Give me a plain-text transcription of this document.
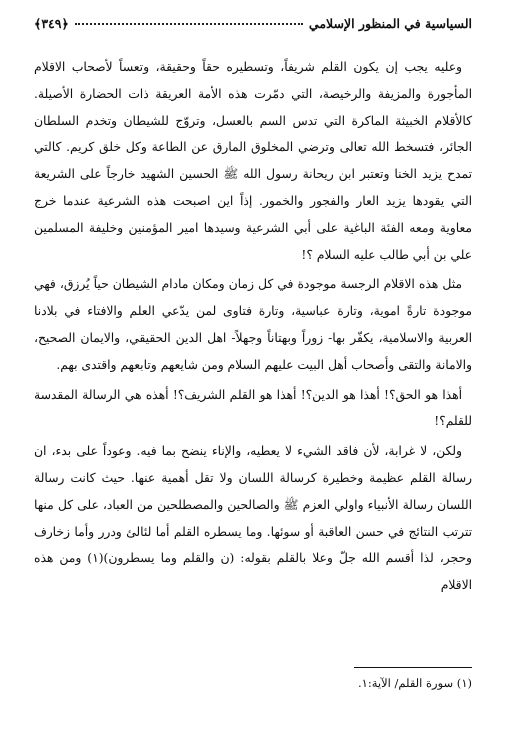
السياسية في المنظور الإسلامي
﴿٣٤٩﴾

وعليه يجب إن يكون القلم شريفاً، وتسطيره حقاً وحقيقة، وتعساً لأصحاب الاقلام المأجورة والمزيفة والرخيصة، التي دمّرت هذه الأمة العريقة ذات الحضارة الأصيلة. كالأقلام الخبيثة الماكرة التي تدس السم بالعسل، وتروّج للشيطان وتخدم السلطان الجائر، فتسخط الله تعالى وترضي المخلوق المارق عن الطاعة وكل خلق كريم. كالتي تمدح يزيد الخنا وتعتبر ابن ريحانة رسول الله ﷺ الحسين الشهيد خارجاً على الشريعة التي يقودها يزيد العار والفجور والخمور. إذاً اين اصبحت هذه الشرعية عندما خرج معاوية ومعه الفئة الباغية على أبي الشرعية وسيدها امير المؤمنين وخليفة المسلمين علي بن أبي طالب عليه السلام ؟!

مثل هذه الاقلام الرجسة موجودة في كل زمان ومكان مادام الشيطان حياً يُرزق، فهي موجودة تارةً اموية، وتارة عباسية، وتارة فتاوى لمن يدّعي العلم والافتاء في بلادنا العربية والاسلامية، يكفّر بها- زوراً وبهتاناً وجهلاً- اهل الدين الحقيقي، والايمان الصحيح، والامانة والتقى وأصحاب أهل البيت عليهم السلام ومن شايعهم وتابعهم واقتدى بهم.

أهذا هو الحق؟! أهذا هو الدين؟! أهذا هو القلم الشريف؟! أهذه هي الرسالة المقدسة للقلم؟!

ولكن، لا غرابة، لأن فاقد الشيء لا يعطيه، والإناء ينضح بما فيه. وعوداً على بدء، ان رسالة القلم عظيمة وخطيرة كرسالة اللسان ولا تقل أهمية عنها. حيث كانت رسالة اللسان رسالة الأنبياء واولي العزم ﷺ والصالحين والمصطلحين من العباد، على كل منها تترتب النتائج في حسن العاقبة أو سوئها. وما يسطره القلم أما لئالئ ودرر وأما زخارف وحجر، لذا أقسم الله جلّ وعلا بالقلم بقوله: (ن والقلم وما يسطرون)(١) ومن هذه الاقلام

(١) سورة القلم/ الآية:١.
